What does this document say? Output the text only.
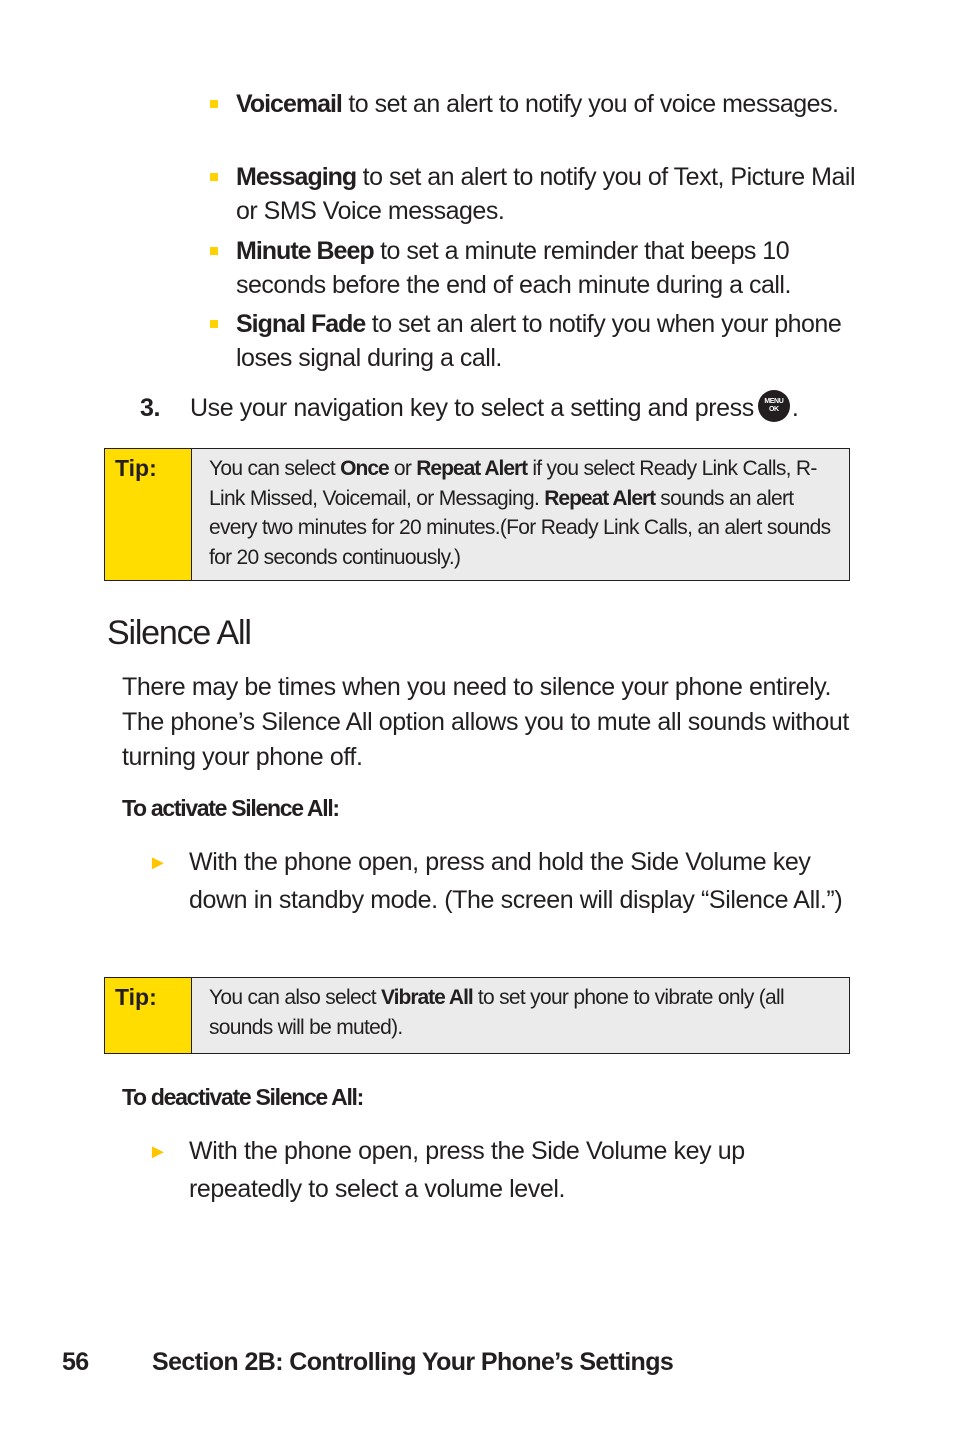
Voicemail to set an alert to notify you of voice messages.
Messaging to set an alert to notify you of Text, Picture Mail or SMS Voice messages.
Minute Beep to set a minute reminder that beeps 10 seconds before the end of each minute during a call.
Signal Fade to set an alert to notify you when your phone loses signal during a call.
3. Use your navigation key to select a setting and press MENU
OK .
Tip: You can select Once or Repeat Alert if you select Ready Link Calls, R-Link Missed, Voicemail, or Messaging. Repeat Alert sounds an alert every two minutes for 20 minutes.(For Ready Link Calls, an alert sounds for 20 seconds continuously.)
Silence All
There may be times when you need to silence your phone entirely. The phone’s Silence All option allows you to mute all sounds without turning your phone off.
To activate Silence All:
► With the phone open, press and hold the Side Volume key down in standby mode. (The screen will display “Silence All.”)
Tip: You can also select Vibrate All to set your phone to vibrate only (all sounds will be muted).
To deactivate Silence All:
► With the phone open, press the Side Volume key up repeatedly to select a volume level.
56	Section 2B: Controlling Your Phone’s Settings
